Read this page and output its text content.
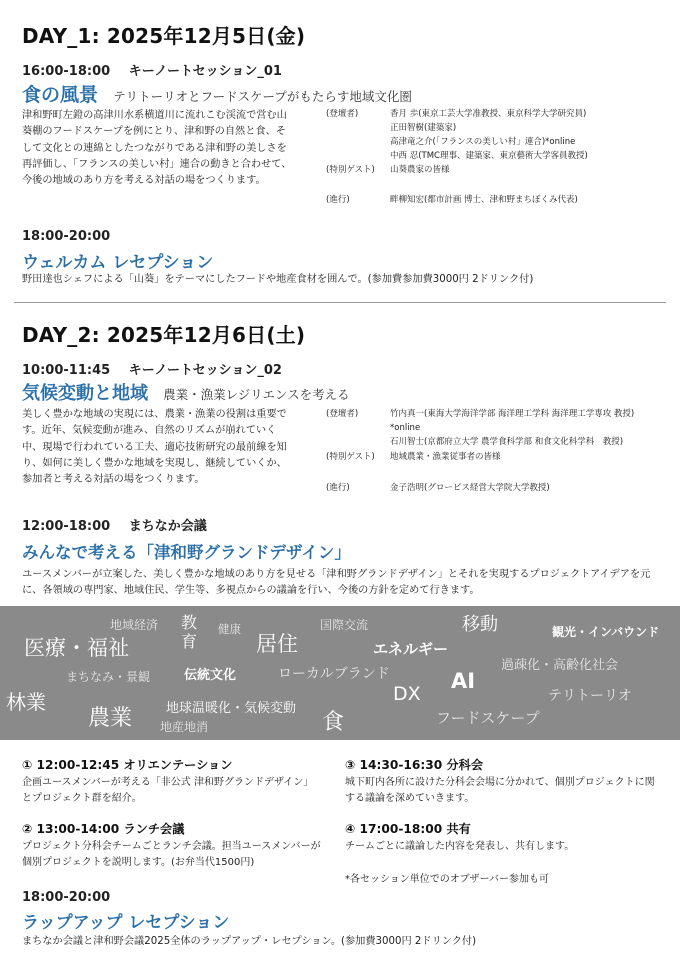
DAY_1: 2025年12月5日(金)
16:00-18:00 キーノートセッション_01
食の風景 テリトーリオとフードスケープがもたらす地域文化圏
津和野町左鐙の高津川水系横道川に流れこむ渓流で営む山葵棚のフードスケープを例にとり、津和野の自然と食、そして文化との連綿としたつながりである津和野の美しさを再評価し、「フランスの美しい村」連合の動きと合わせて、今後の地域のあり方を考える対話の場をつくります。
(登壇者)	香月 歩(東京工芸大学准教授、東京科学大学研究員)
正田智樹(建築家)
高津竜之介(「フランスの美しい村」連合)*online
中西 忍(TMC理事、建築家、東京藝術大学客員教授)
(特別ゲスト)	山葵農家の皆様
(進行)	畔柳知宏(都市計画 博士、津和野まちぼくみ代表)
18:00-20:00
ウェルカム レセプション
野田達也シェフによる「山葵」をテーマにしたフードや地産食材を囲んで。(参加費参加費3000円 2ドリンク付)
DAY_2: 2025年12月6日(土)
10:00-11:45 キーノートセッション_02
気候変動と地域 農業・漁業レジリエンスを考える
美しく豊かな地域の実現には、農業・漁業の役割は重要です。近年、気候変動が進み、自然のリズムが崩れていく中、現場で行われている工夫、適応技術研究の最前線を知り、如何に美しく豊かな地域を実現し、継続していくか、参加者と考える対話の場をつくります。
(登壇者)	竹内真一(東海大学海洋学部 海洋理工学科 海洋理工学専攻 教授)
*online
石川智士(京都府立大学 農学食科学部 和食文化科学科　教授)
(特別ゲスト)	地域農業・漁業従事者の皆様
(進行)	金子浩明(グロービス経営大学院大学教授)
12:00-18:00 まちなか会議
みんなで考える「津和野グランドデザイン」
ユースメンバーが立案した、美しく豊かな地域のあり方を見せる「津和野グランドデザイン」とそれを実現するプロジェクトアイデアを元に、各領域の専門家、地域住民、学生等、多視点からの議論を行い、今後の方針を定めて行きます。
医療・福祉
地域経済 教
育
健康
居住
国際交流
エネルギー
移動	観光・インバウンド
まちなみ・景観	伝統文化	ローカルブランド
過疎化・高齢化社会
林業
農業	地球温暖化・気候変動
地産地消
DX
AI
テリトーリオ
食	フードスケープ
① 12:00-12:45 オリエンテーション
企画ユースメンバーが考える「非公式 津和野グランドデザイン」とプロジェクト群を紹介。
② 13:00-14:00 ランチ会議
プロジェクト分科会チームごとランチ会議。担当ユースメンバーが個別プロジェクトを説明します。(お弁当代1500円)
③ 14:30-16:30 分科会
城下町内各所に設けた分科会会場に分かれて、個別プロジェクトに関する議論を深めていきます。
④ 17:00-18:00 共有
チームごとに議論した内容を発表し、共有します。
*各セッション単位でのオブザーバー参加も可
18:00-20:00
ラップアップ レセプション
まちなか会議と津和野会議2025全体のラップアップ・レセプション。(参加費3000円 2ドリンク付)
